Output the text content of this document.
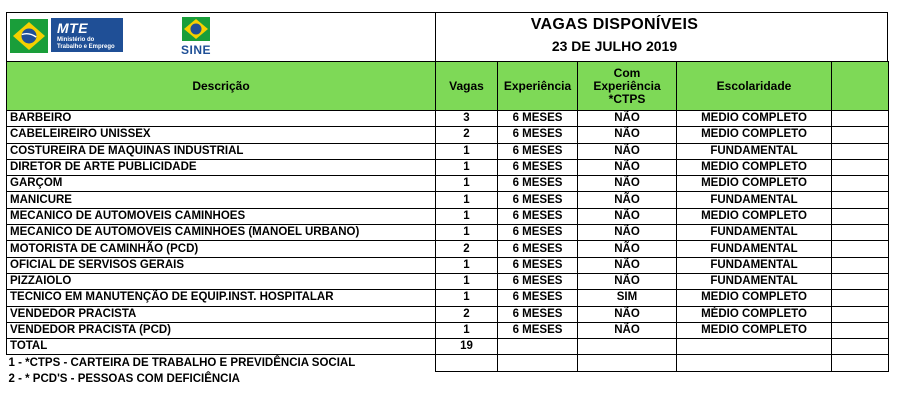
MTE
Ministério do
Trabalho e Emprego	SINE
VAGAS DISPONÍVEIS
23 DE JULHO 2019
Descrição	Vagas	Experiência	Com Experiência *CTPS	Escolaridade	
BARBEIRO	3	6 MESES	NÃO	MEDIO COMPLETO	
CABELEIREIRO UNISSEX	2	6 MESES	NÃO	MEDIO COMPLETO	
COSTUREIRA DE MAQUINAS INDUSTRIAL	1	6 MESES	NÃO	FUNDAMENTAL	
DIRETOR DE ARTE PUBLICIDADE	1	6 MESES	NÃO	MEDIO COMPLETO	
GARÇOM	1	6 MESES	NÃO	MEDIO COMPLETO	
MANICURE	1	6 MESES	NÃO	FUNDAMENTAL	
MECANICO DE AUTOMOVEIS CAMINHOES	1	6 MESES	NÃO	MEDIO COMPLETO	
MECANICO DE AUTOMOVEIS CAMINHOES (MANOEL URBANO)	1	6 MESES	NÃO	FUNDAMENTAL	
MOTORISTA DE CAMINHÃO (PCD)	2	6 MESES	NÃO	FUNDAMENTAL	
OFICIAL DE SERVISOS GERAIS	1	6 MESES	NÃO	FUNDAMENTAL	
PIZZAIOLO	1	6 MESES	NÃO	FUNDAMENTAL	
TECNICO EM MANUTENÇÃO DE EQUIP.INST. HOSPITALAR	1	6 MESES	SIM	MEDIO COMPLETO	
VENDEDOR PRACISTA	2	6 MESES	NÃO	MÉDIO COMPLETO	
VENDEDOR PRACISTA (PCD)	1	6 MESES	NÃO	MEDIO COMPLETO	
TOTAL	19				
1 - *CTPS - CARTEIRA DE TRABALHO E PREVIDÊNCIA SOCIAL					
2 - * PCD'S - PESSOAS COM DEFICIÊNCIA					
